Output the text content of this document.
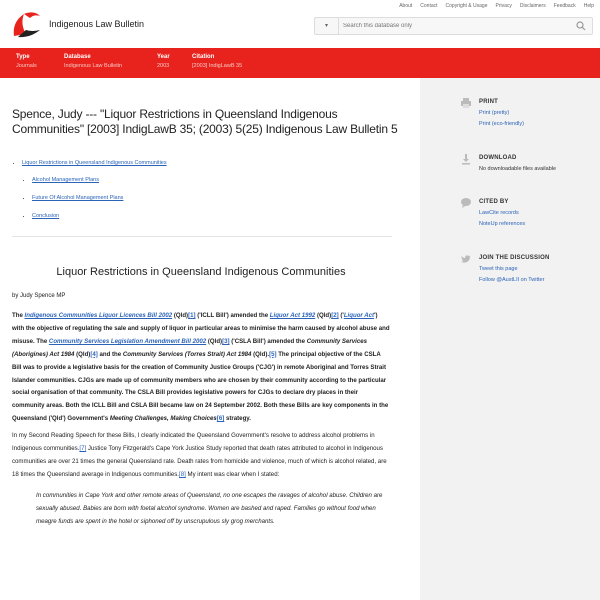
Indigenous Law Bulletin
About Contact Copyright & Usage Privacy Disclaimers Feedback Help
▾
Search this database only
Type
Journals
Database
Indigenous Law Bulletin
Year
2003
Citation
[2003] IndigLawB 35
Spence, Judy --- "Liquor Restrictions in Queensland Indigenous Communities" [2003] IndigLawB 35; (2003) 5(25) Indigenous Law Bulletin 5
• Liquor Restrictions in Queensland Indigenous Communities
• Alcohol Management Plans
• Future Of Alcohol Management Plans
• Conclusion
Liquor Restrictions in Queensland Indigenous Communities
by Judy Spence MP

The Indigenous Communities Liquor Licences Bill 2002 (Qld)[1] ('ICLL Bill') amended the Liquor Act 1992 (Qld)[2] ('Liquor Act') with the objective of regulating the sale and supply of liquor in particular areas to minimise the harm caused by alcohol abuse and misuse. The Community Services Legislation Amendment Bill 2002 (Qld)[3] ('CSLA Bill') amended the Community Services (Aborigines) Act 1984 (Qld)[4] and the Community Services (Torres Strait) Act 1984 (Qld).[5] The principal objective of the CSLA Bill was to provide a legislative basis for the creation of Community Justice Groups ('CJG') in remote Aboriginal and Torres Strait Islander communities. CJGs are made up of community members who are chosen by their community according to the particular social organisation of that community. The CSLA Bill provides legislative powers for CJGs to declare dry places in their community areas. Both the ICLL Bill and CSLA Bill became law on 24 September 2002. Both these Bills are key components in the Queensland ('Qld') Government's Meeting Challenges, Making Choices[6] strategy.

In my Second Reading Speech for these Bills, I clearly indicated the Queensland Government's resolve to address alcohol problems in Indigenous communities.[7] Justice Tony Fitzgerald's Cape York Justice Study reported that death rates attributed to alcohol in Indigenous communities are over 21 times the general Queensland rate. Death rates from homicide and violence, much of which is alcohol related, are 18 times the Queensland average in Indigenous communities.[8] My intent was clear when I stated:

In communities in Cape York and other remote areas of Queensland, no one escapes the ravages of alcohol abuse. Children are sexually abused. Babies are born with foetal alcohol syndrome. Women are bashed and raped. Families go without food when meagre funds are spent in the hotel or siphoned off by unscrupulous sly grog merchants.

PRINT
Print (pretty)
Print (eco-friendly)
DOWNLOAD
No downloadable files available
CITED BY
LawCite records
NoteUp references
JOIN THE DISCUSSION
Tweet this page
Follow @AustLII on Twitter
